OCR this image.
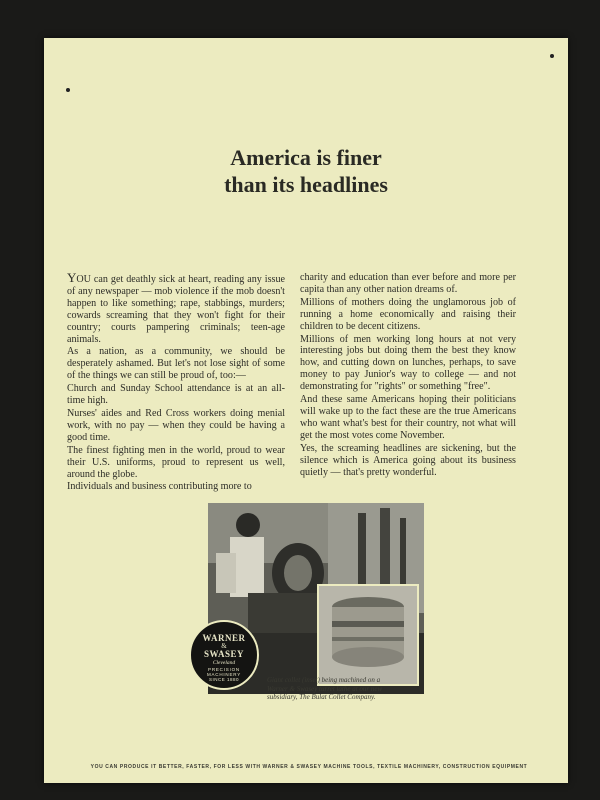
America is finer
than its headlines

YOU can get deathly sick at heart, reading any issue of any newspaper — mob violence if the mob doesn't happen to like something; rape, stabbings, murders; cowards screaming that they won't fight for their country; courts pampering criminals; teen-age animals.

As a nation, as a community, we should be desperately ashamed. But let's not lose sight of some of the things we can still be proud of, too:—

Church and Sunday School attendance is at an all-time high.

Nurses' aides and Red Cross workers doing menial work, with no pay — when they could be having a good time.

The finest fighting men in the world, proud to wear their U.S. uniforms, proud to represent us well, around the globe.

Individuals and business contributing more to

charity and education than ever before and more per capita than any other nation dreams of.

Millions of mothers doing the unglamorous job of running a home economically and raising their children to be decent citizens.

Millions of men working long hours at not very interesting jobs but doing them the best they know how, and cutting down on lunches, perhaps, to save money to pay Junior's way to college — and not demonstrating for "rights" or something "free".

And these same Americans hoping their politicians will wake up to the fact these are the true Americans who want what's best for their country, not what will get the most votes come November.

Yes, the screaming headlines are sickening, but the silence which is America going about its business quietly — that's pretty wonderful.

WARNER
&
SWASEY
Cleveland
PRECISION
MACHINERY
SINCE 1880	Giant collet (inset) being machined on a Warner & Swasey turret lathe at our new subsidiary, The Bulat Collet Company.
YOU CAN PRODUCE IT BETTER, FASTER, FOR LESS WITH WARNER & SWASEY MACHINE TOOLS, TEXTILE MACHINERY, CONSTRUCTION EQUIPMENT
